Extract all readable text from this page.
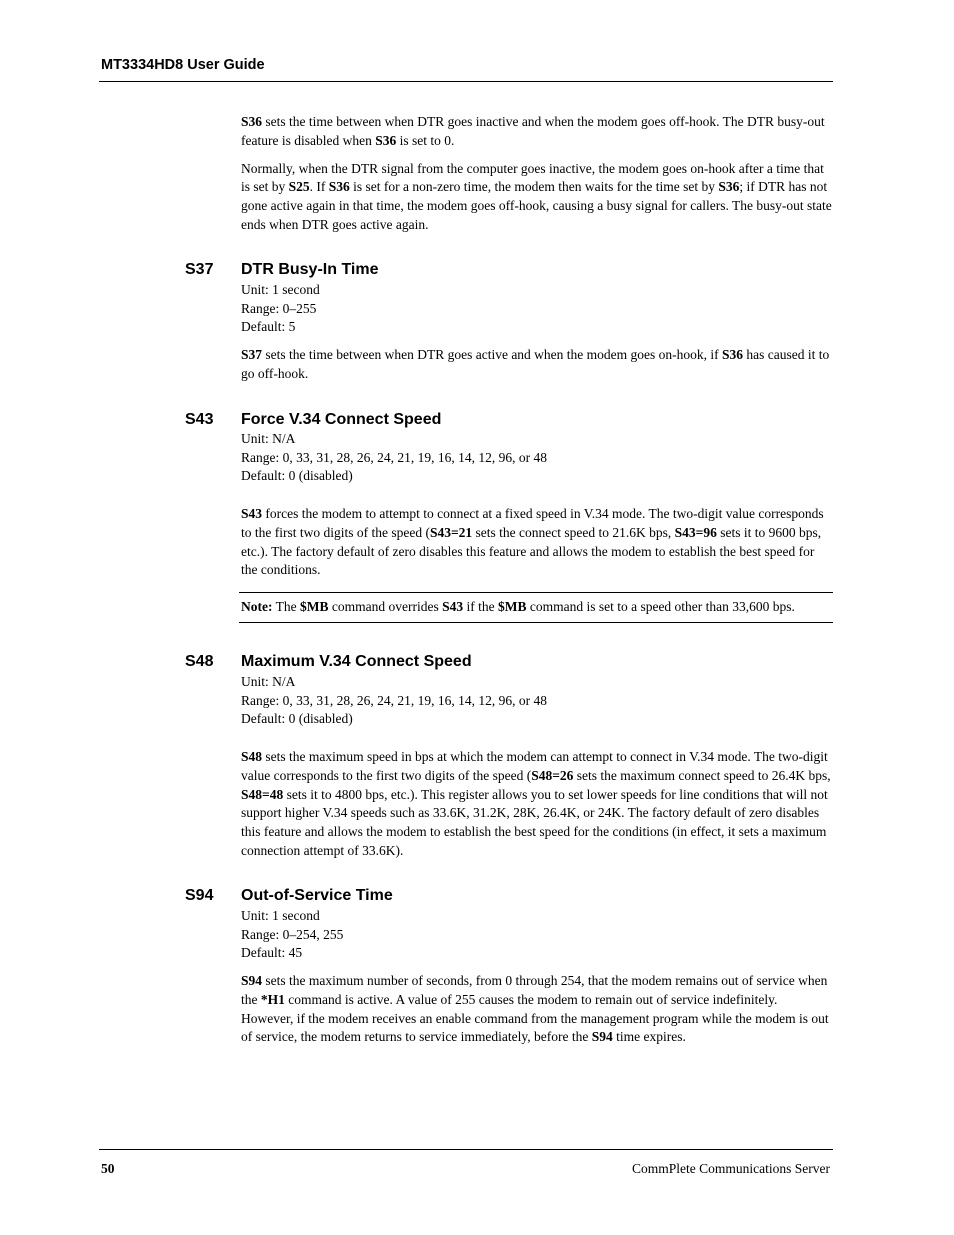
MT3334HD8 User Guide

S36 sets the time between when DTR goes inactive and when the modem goes off-hook. The DTR busy-out feature is disabled when S36 is set to 0.

Normally, when the DTR signal from the computer goes inactive, the modem goes on-hook after a time that is set by S25. If S36 is set for a non-zero time, the modem then waits for the time set by S36; if DTR has not gone active again in that time, the modem goes off-hook, causing a busy signal for callers. The busy-out state ends when DTR goes active again.

S37 DTR Busy-In Time
Unit: 1 second
Range: 0–255
Default: 5

S37 sets the time between when DTR goes active and when the modem goes on-hook, if S36 has caused it to go off-hook.

S43 Force V.34 Connect Speed
Unit: N/A
Range: 0, 33, 31, 28, 26, 24, 21, 19, 16, 14, 12, 96, or 48
Default: 0 (disabled)

S43 forces the modem to attempt to connect at a fixed speed in V.34 mode. The two-digit value corresponds to the first two digits of the speed (S43=21 sets the connect speed to 21.6K bps, S43=96 sets it to 9600 bps, etc.). The factory default of zero disables this feature and allows the modem to establish the best speed for the conditions.

Note: The $MB command overrides S43 if the $MB command is set to a speed other than 33,600 bps.

S48 Maximum V.34 Connect Speed
Unit: N/A
Range: 0, 33, 31, 28, 26, 24, 21, 19, 16, 14, 12, 96, or 48
Default: 0 (disabled)

S48 sets the maximum speed in bps at which the modem can attempt to connect in V.34 mode. The two-digit value corresponds to the first two digits of the speed (S48=26 sets the maximum connect speed to 26.4K bps, S48=48 sets it to 4800 bps, etc.). This register allows you to set lower speeds for line conditions that will not support higher V.34 speeds such as 33.6K, 31.2K, 28K, 26.4K, or 24K. The factory default of zero disables this feature and allows the modem to establish the best speed for the conditions (in effect, it sets a maximum connection attempt of 33.6K).

S94 Out-of-Service Time
Unit: 1 second
Range: 0–254, 255
Default: 45

S94 sets the maximum number of seconds, from 0 through 254, that the modem remains out of service when the *H1 command is active. A value of 255 causes the modem to remain out of service indefinitely. However, if the modem receives an enable command from the management program while the modem is out of service, the modem returns to service immediately, before the S94 time expires.

50	CommPlete Communications Server
